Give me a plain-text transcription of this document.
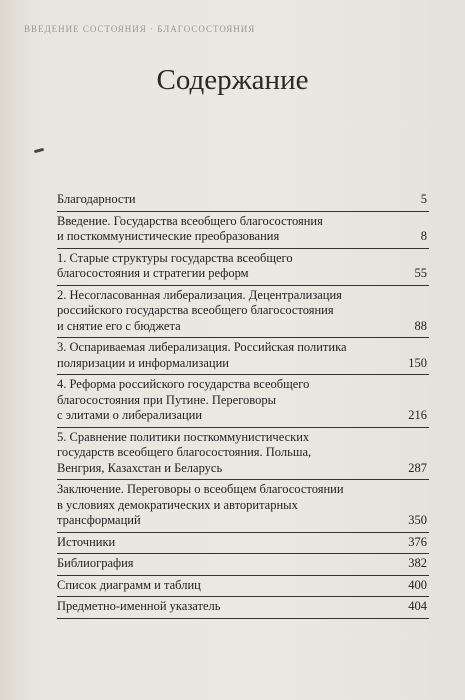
ВВЕДЕНИЕ СОСТОЯНИЯ · БЛАГОСОСТОЯНИЯ
Содержание
Благодарности	5
Введение. Государства всеобщего благосостояния
и посткоммунистические преобразования	8
1. Старые структуры государства всеобщего
благосостояния и стратегии реформ	55
2. Несогласованная либерализация. Децентрализация
российского государства всеобщего благосостояния
и снятие его с бюджета	88
3. Оспариваемая либерализация. Российская политика
поляризации и информализации	150
4. Реформа российского государства всеобщего
благосостояния при Путине. Переговоры
с элитами о либерализации	216
5. Сравнение политики посткоммунистических
государств всеобщего благосостояния. Польша,
Венгрия, Казахстан и Беларусь	287
Заключение. Переговоры о всеобщем благосостоянии
в условиях демократических и авторитарных
трансформаций	350
Источники	376
Библиография	382
Список диаграмм и таблиц	400
Предметно-именной указатель	404
